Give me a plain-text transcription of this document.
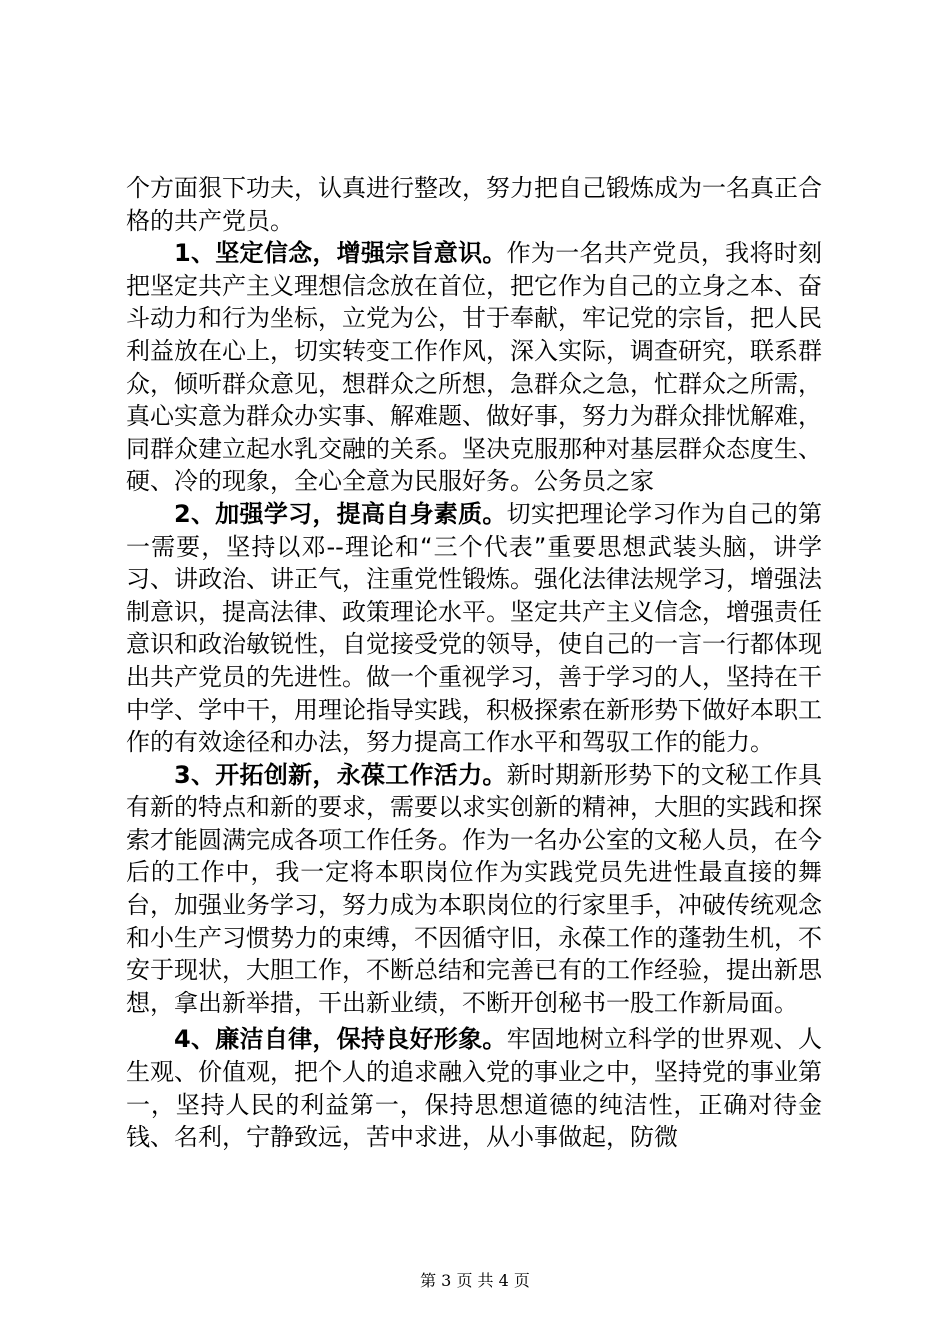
个方面狠下功夫，认真进行整改，努力把自己锻炼成为一名真正合格的共产党员。

1、坚定信念，增强宗旨意识。作为一名共产党员，我将时刻把坚定共产主义理想信念放在首位，把它作为自己的立身之本、奋斗动力和行为坐标，立党为公，甘于奉献，牢记党的宗旨，把人民利益放在心上，切实转变工作作风，深入实际，调查研究，联系群众，倾听群众意见，想群众之所想，急群众之急，忙群众之所需，真心实意为群众办实事、解难题、做好事，努力为群众排忧解难，同群众建立起水乳交融的关系。坚决克服那种对基层群众态度生、硬、冷的现象，全心全意为民服好务。公务员之家

2、加强学习，提高自身素质。切实把理论学习作为自己的第一需要，坚持以邓--理论和“三个代表”重要思想武装头脑，讲学习、讲政治、讲正气，注重党性锻炼。强化法律法规学习，增强法制意识，提高法律、政策理论水平。坚定共产主义信念，增强责任意识和政治敏锐性，自觉接受党的领导，使自己的一言一行都体现出共产党员的先进性。做一个重视学习，善于学习的人，坚持在干中学、学中干，用理论指导实践，积极探索在新形势下做好本职工作的有效途径和办法，努力提高工作水平和驾驭工作的能力。

3、开拓创新，永葆工作活力。新时期新形势下的文秘工作具有新的特点和新的要求，需要以求实创新的精神，大胆的实践和探索才能圆满完成各项工作任务。作为一名办公室的文秘人员，在今后的工作中，我一定将本职岗位作为实践党员先进性最直接的舞台，加强业务学习，努力成为本职岗位的行家里手，冲破传统观念和小生产习惯势力的束缚，不因循守旧，永葆工作的蓬勃生机，不安于现状，大胆工作，不断总结和完善已有的工作经验，提出新思想，拿出新举措，干出新业绩，不断开创秘书一股工作新局面。

4、廉洁自律，保持良好形象。牢固地树立科学的世界观、人生观、价值观，把个人的追求融入党的事业之中，坚持党的事业第一，坚持人民的利益第一，保持思想道德的纯洁性，正确对待金钱、名利，宁静致远，苦中求进，从小事做起，防微

第 3 页 共 4 页
